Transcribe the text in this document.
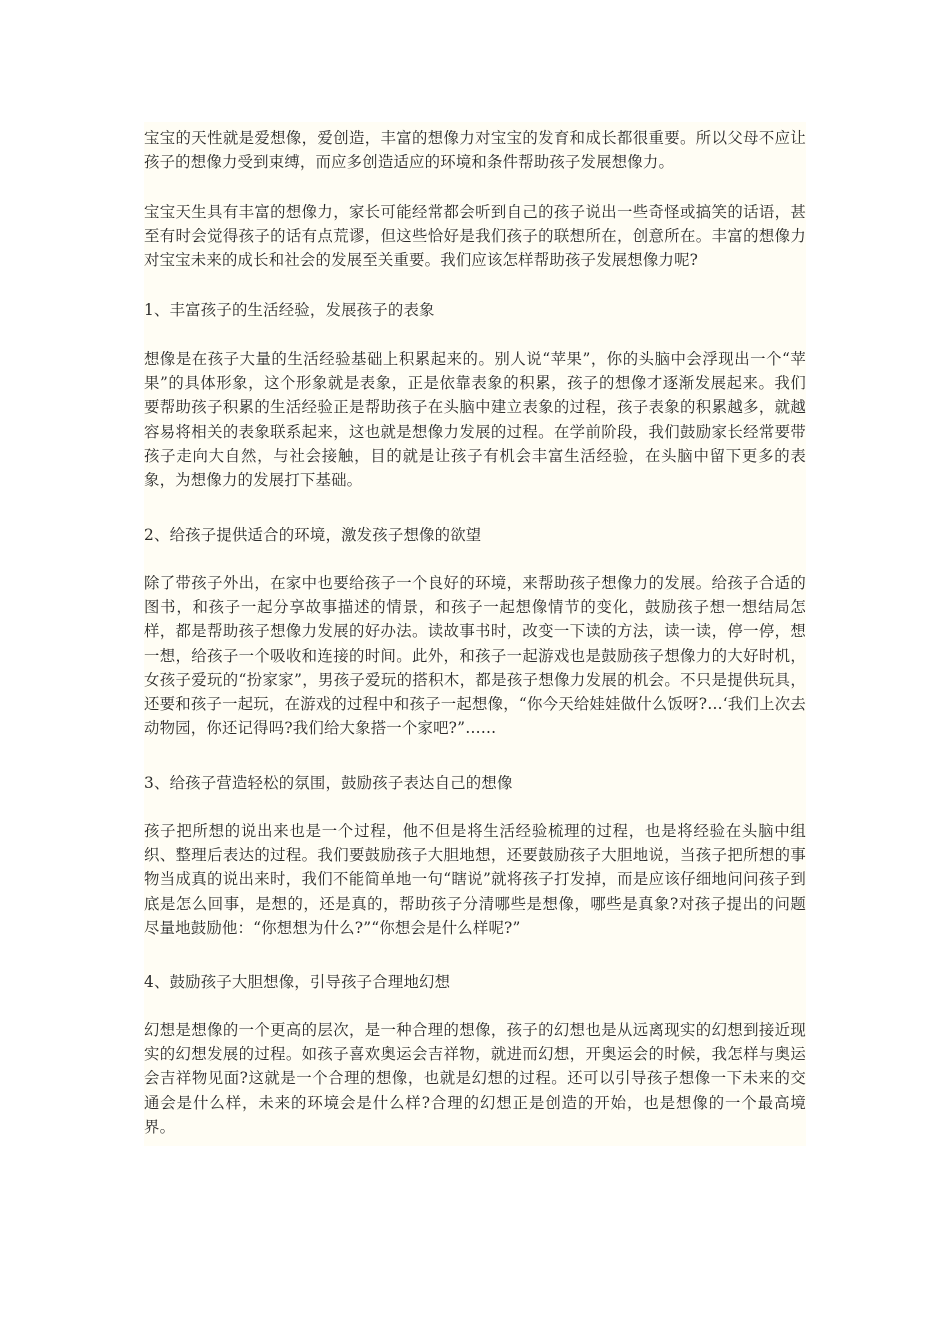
宝宝的天性就是爱想像，爱创造，丰富的想像力对宝宝的发育和成长都很重要。所以父母不应让孩子的想像力受到束缚，而应多创造适应的环境和条件帮助孩子发展想像力。

宝宝天生具有丰富的想像力，家长可能经常都会听到自己的孩子说出一些奇怪或搞笑的话语，甚至有时会觉得孩子的话有点荒谬，但这些恰好是我们孩子的联想所在，创意所在。丰富的想像力对宝宝未来的成长和社会的发展至关重要。我们应该怎样帮助孩子发展想像力呢?

1、丰富孩子的生活经验，发展孩子的表象

想像是在孩子大量的生活经验基础上积累起来的。别人说“苹果”，你的头脑中会浮现出一个“苹果”的具体形象，这个形象就是表象，正是依靠表象的积累，孩子的想像才逐渐发展起来。我们要帮助孩子积累的生活经验正是帮助孩子在头脑中建立表象的过程，孩子表象的积累越多，就越容易将相关的表象联系起来，这也就是想像力发展的过程。在学前阶段，我们鼓励家长经常要带孩子走向大自然，与社会接触，目的就是让孩子有机会丰富生活经验，在头脑中留下更多的表象，为想像力的发展打下基础。

2、给孩子提供适合的环境，激发孩子想像的欲望

除了带孩子外出，在家中也要给孩子一个良好的环境，来帮助孩子想像力的发展。给孩子合适的图书，和孩子一起分享故事描述的情景，和孩子一起想像情节的变化，鼓励孩子想一想结局怎样，都是帮助孩子想像力发展的好办法。读故事书时，改变一下读的方法，读一读，停一停，想一想，给孩子一个吸收和连接的时间。此外，和孩子一起游戏也是鼓励孩子想像力的大好时机，女孩子爱玩的“扮家家”，男孩子爱玩的搭积木，都是孩子想像力发展的机会。不只是提供玩具，还要和孩子一起玩，在游戏的过程中和孩子一起想像，“你今天给娃娃做什么饭呀?…‘我们上次去动物园，你还记得吗?我们给大象搭一个家吧?”……

3、给孩子营造轻松的氛围，鼓励孩子表达自己的想像

孩子把所想的说出来也是一个过程，他不但是将生活经验梳理的过程，也是将经验在头脑中组织、整理后表达的过程。我们要鼓励孩子大胆地想，还要鼓励孩子大胆地说，当孩子把所想的事物当成真的说出来时，我们不能简单地一句“瞎说”就将孩子打发掉，而是应该仔细地问问孩子到底是怎么回事，是想的，还是真的，帮助孩子分清哪些是想像，哪些是真象?对孩子提出的问题尽量地鼓励他：“你想想为什么?”“你想会是什么样呢?”

4、鼓励孩子大胆想像，引导孩子合理地幻想

幻想是想像的一个更高的层次，是一种合理的想像，孩子的幻想也是从远离现实的幻想到接近现实的幻想发展的过程。如孩子喜欢奥运会吉祥物，就进而幻想，开奥运会的时候，我怎样与奥运会吉祥物见面?这就是一个合理的想像，也就是幻想的过程。还可以引导孩子想像一下未来的交通会是什么样，未来的环境会是什么样?合理的幻想正是创造的开始，也是想像的一个最高境界。
